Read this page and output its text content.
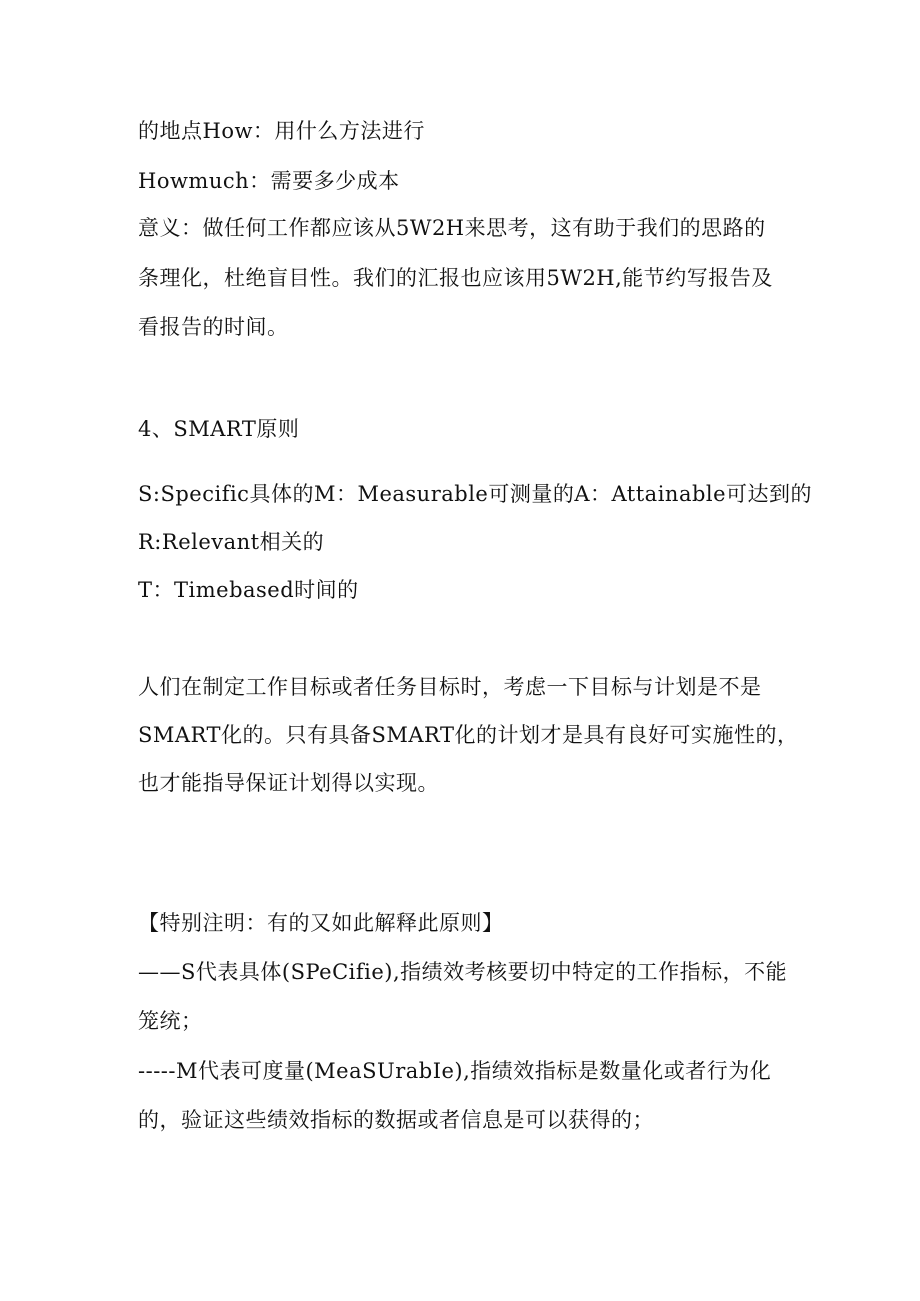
的地点How：用什么方法进行
Howmuch：需要多少成本
意义：做任何工作都应该从5W2H来思考，这有助于我们的思路的
条理化，杜绝盲目性。我们的汇报也应该用5W2H,能节约写报告及
看报告的时间。
4、SMART原则
S:Specific具体的M：Measurable可测量的A：Attainable可达到的
R:Relevant相关的
T：Timebased时间的
人们在制定工作目标或者任务目标时，考虑一下目标与计划是不是
SMART化的。只有具备SMART化的计划才是具有良好可实施性的，
也才能指导保证计划得以实现。
【特别注明：有的又如此解释此原则】
——S代表具体(SPeCifie),指绩效考核要切中特定的工作指标，不能
笼统；
-----M代表可度量(MeaSUrabIe),指绩效指标是数量化或者行为化
的，验证这些绩效指标的数据或者信息是可以获得的；
